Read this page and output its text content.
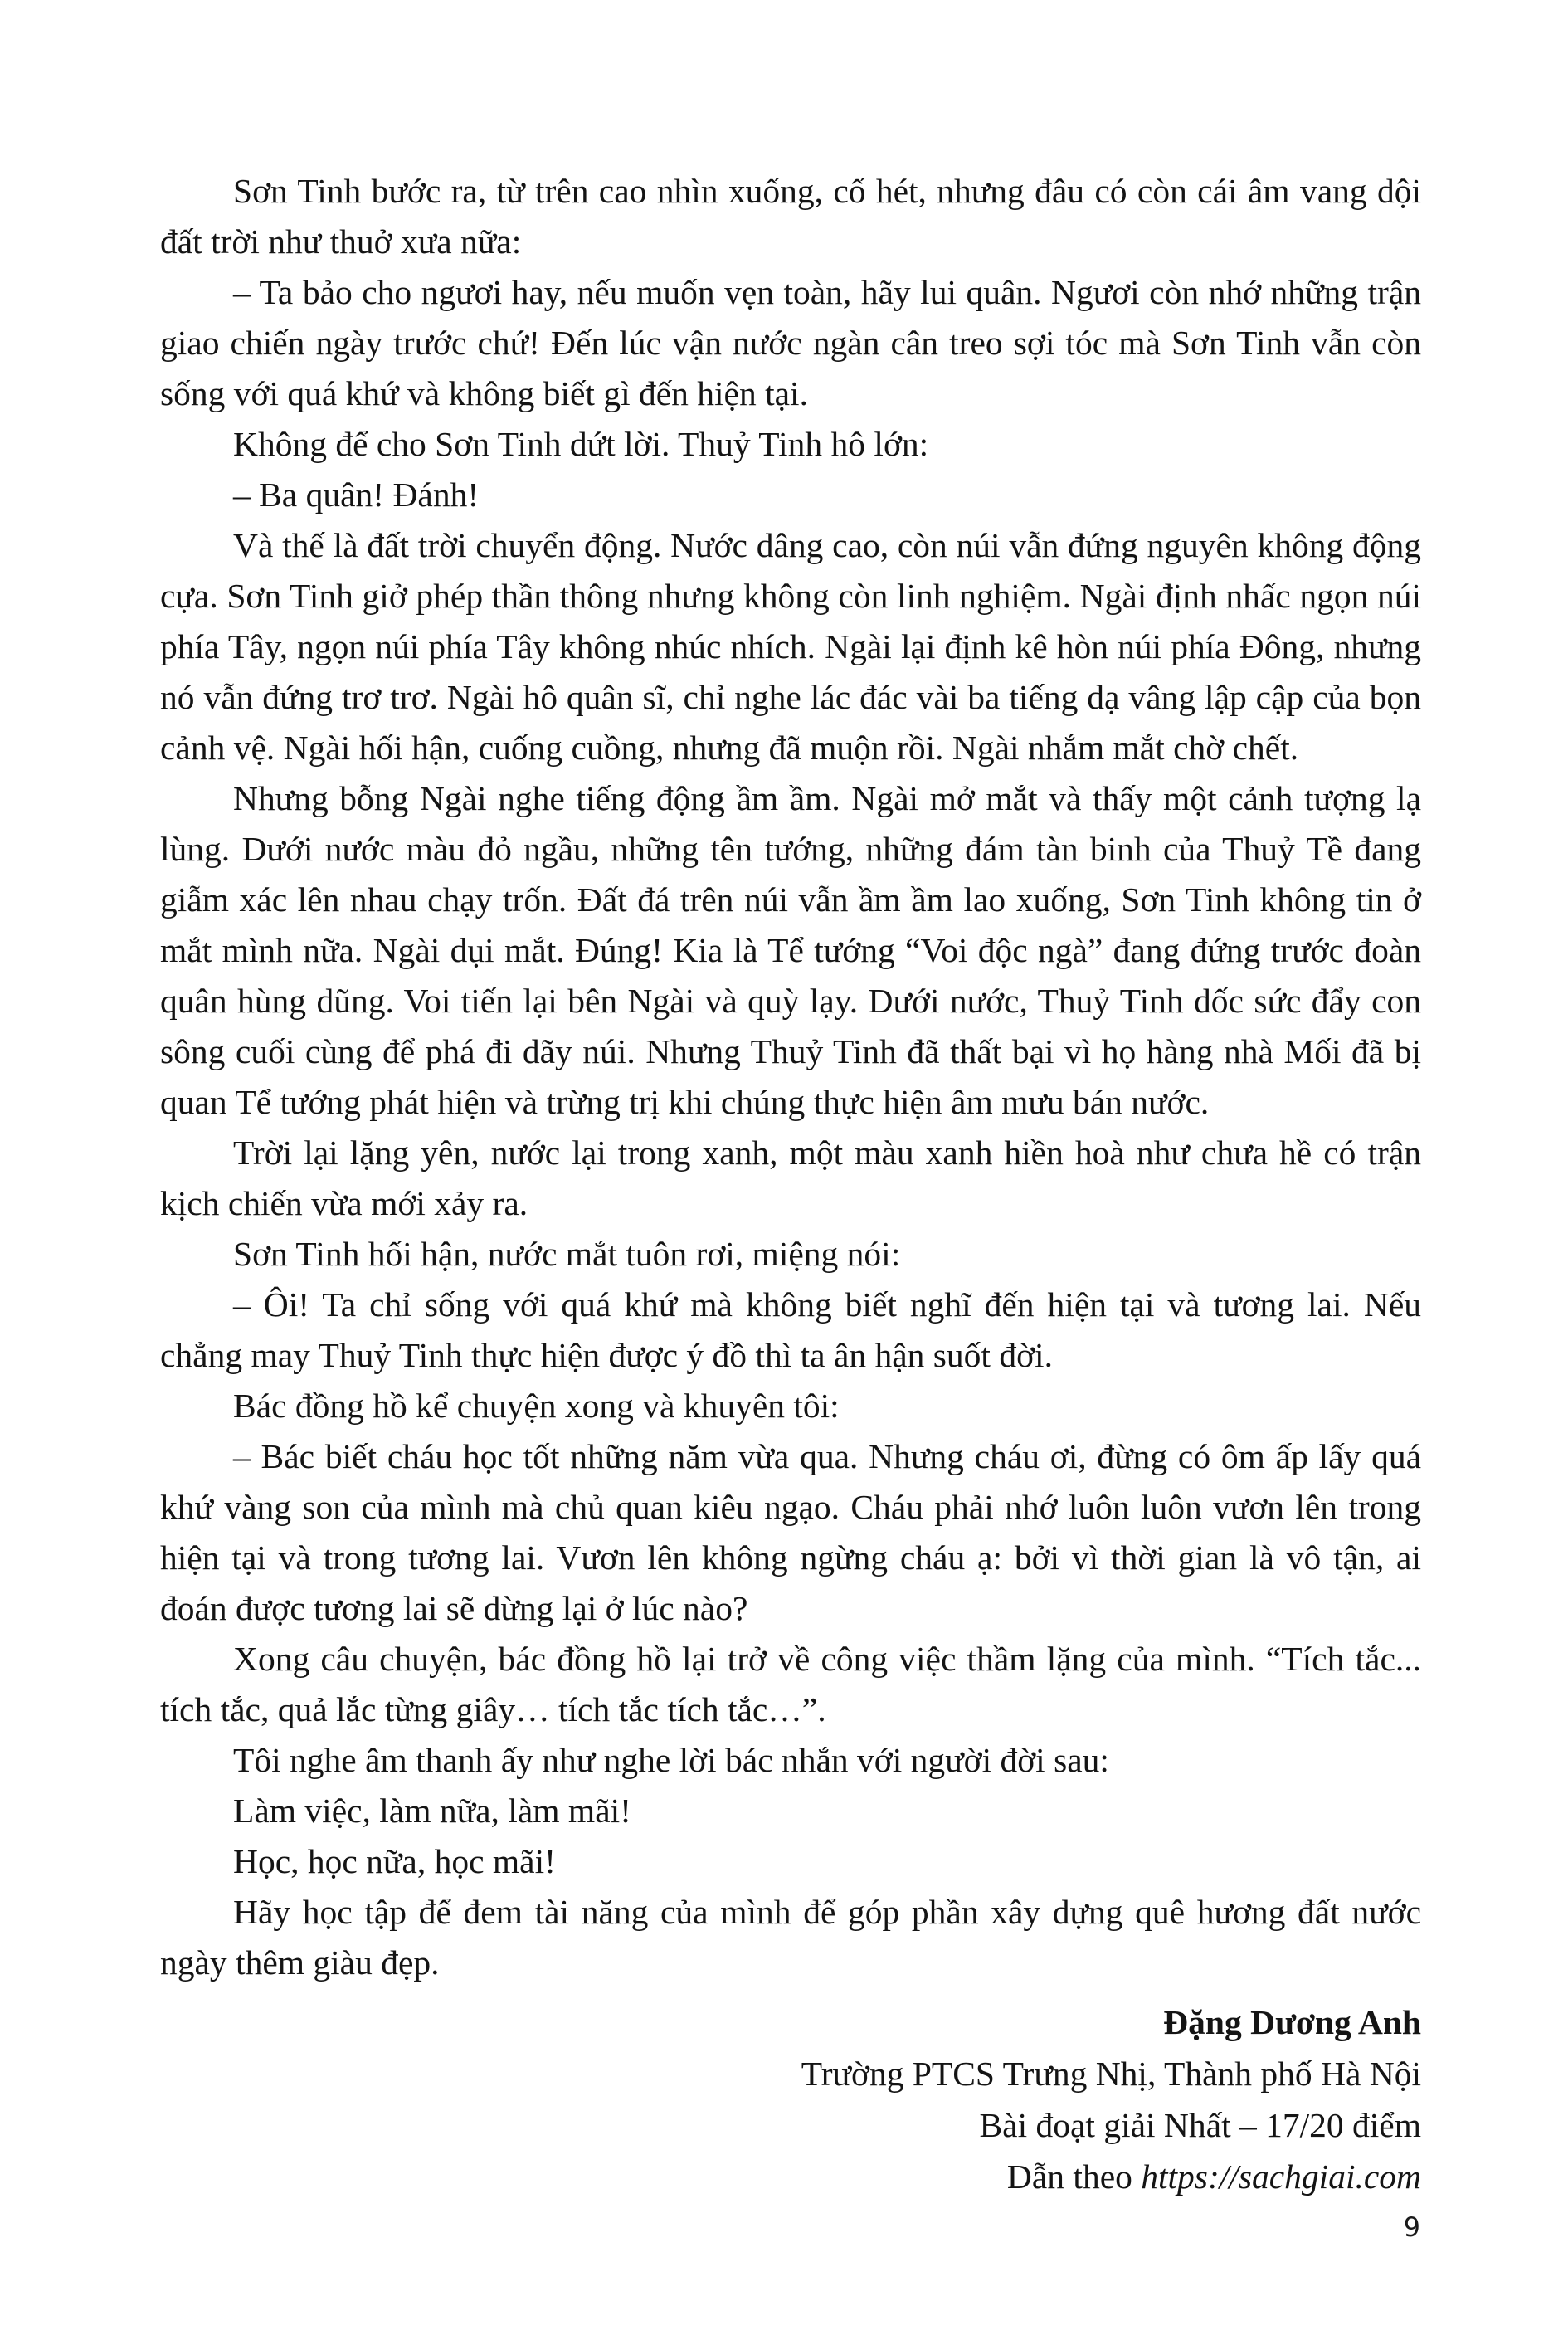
Sơn Tinh bước ra, từ trên cao nhìn xuống, cố hét, nhưng đâu có còn cái âm vang dội đất trời như thuở xưa nữa:

– Ta bảo cho ngươi hay, nếu muốn vẹn toàn, hãy lui quân. Ngươi còn nhớ những trận giao chiến ngày trước chứ! Đến lúc vận nước ngàn cân treo sợi tóc mà Sơn Tinh vẫn còn sống với quá khứ và không biết gì đến hiện tại.

Không để cho Sơn Tinh dứt lời. Thuỷ Tinh hô lớn:

– Ba quân! Đánh!

Và thế là đất trời chuyển động. Nước dâng cao, còn núi vẫn đứng nguyên không động cựa. Sơn Tinh giở phép thần thông nhưng không còn linh nghiệm. Ngài định nhấc ngọn núi phía Tây, ngọn núi phía Tây không nhúc nhích. Ngài lại định kê hòn núi phía Đông, nhưng nó vẫn đứng trơ trơ. Ngài hô quân sĩ, chỉ nghe lác đác vài ba tiếng dạ vâng lập cập của bọn cảnh vệ. Ngài hối hận, cuống cuồng, nhưng đã muộn rồi. Ngài nhắm mắt chờ chết.

Nhưng bỗng Ngài nghe tiếng động ầm ầm. Ngài mở mắt và thấy một cảnh tượng lạ lùng. Dưới nước màu đỏ ngầu, những tên tướng, những đám tàn binh của Thuỷ Tề đang giẫm xác lên nhau chạy trốn. Đất đá trên núi vẫn ầm ầm lao xuống, Sơn Tinh không tin ở mắt mình nữa. Ngài dụi mắt. Đúng! Kia là Tể tướng “Voi độc ngà” đang đứng trước đoàn quân hùng dũng. Voi tiến lại bên Ngài và quỳ lạy. Dưới nước, Thuỷ Tinh dốc sức đẩy con sông cuối cùng để phá đi dãy núi. Nhưng Thuỷ Tinh đã thất bại vì họ hàng nhà Mối đã bị quan Tể tướng phát hiện và trừng trị khi chúng thực hiện âm mưu bán nước.

Trời lại lặng yên, nước lại trong xanh, một màu xanh hiền hoà như chưa hề có trận kịch chiến vừa mới xảy ra.

Sơn Tinh hối hận, nước mắt tuôn rơi, miệng nói:

– Ôi! Ta chỉ sống với quá khứ mà không biết nghĩ đến hiện tại và tương lai. Nếu chẳng may Thuỷ Tinh thực hiện được ý đồ thì ta ân hận suốt đời.

Bác đồng hồ kể chuyện xong và khuyên tôi:

– Bác biết cháu học tốt những năm vừa qua. Nhưng cháu ơi, đừng có ôm ấp lấy quá khứ vàng son của mình mà chủ quan kiêu ngạo. Cháu phải nhớ luôn luôn vươn lên trong hiện tại và trong tương lai. Vươn lên không ngừng cháu ạ: bởi vì thời gian là vô tận, ai đoán được tương lai sẽ dừng lại ở lúc nào?

Xong câu chuyện, bác đồng hồ lại trở về công việc thầm lặng của mình. “Tích tắc... tích tắc, quả lắc từng giây… tích tắc tích tắc…”.

Tôi nghe âm thanh ấy như nghe lời bác nhắn với người đời sau:

Làm việc, làm nữa, làm mãi!

Học, học nữa, học mãi!

Hãy học tập để đem tài năng của mình để góp phần xây dựng quê hương đất nước ngày thêm giàu đẹp.

Đặng Dương Anh
Trường PTCS Trưng Nhị, Thành phố Hà Nội
Bài đoạt giải Nhất – 17/20 điểm
Dẫn theo https://sachgiai.com
9
